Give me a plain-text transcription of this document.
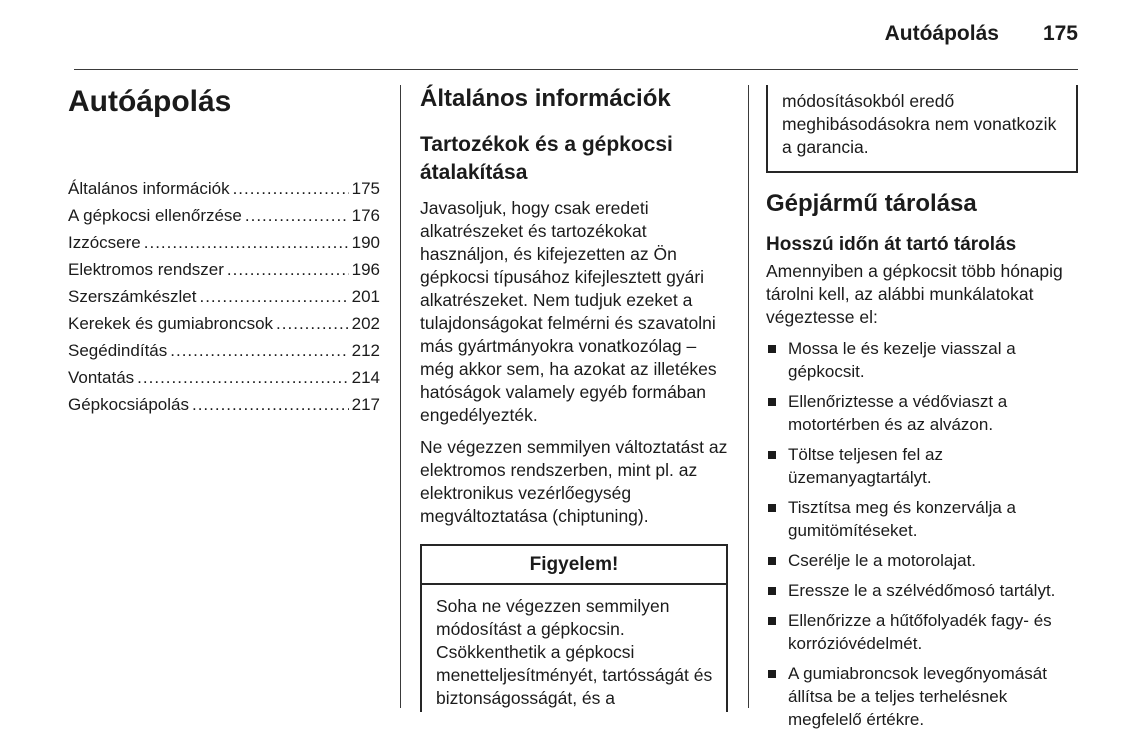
Autóápolás 175
Autóápolás
Általános információk .....	175
A gépkocsi ellenőrzése .....	176
Izzócsere .....	190
Elektromos rendszer .....	196
Szerszámkészlet .....	201
Kerekek és gumiabroncsok .....	202
Segédindítás .....	212
Vontatás .....	214
Gépkocsiápolás .....	217
Általános információk
Tartozékok és a gépkocsi átalakítása

Javasoljuk, hogy csak eredeti alkatrészeket és tartozékokat használjon, és kifejezetten az Ön gépkocsi típusához kifejlesztett gyári alkatrészeket. Nem tudjuk ezeket a tulajdonságokat felmérni és szavatolni más gyártmányokra vonatkozólag – még akkor sem, ha azokat az illetékes hatóságok valamely egyéb formában engedélyezték.

Ne végezzen semmilyen változtatást az elektromos rendszerben, mint pl. az elektronikus vezérlőegység megváltoztatása (chiptuning).

Figyelem!
Soha ne végezzen semmilyen módosítást a gépkocsin. Csökkenthetik a gépkocsi menetteljesítményét, tartósságát és biztonságosságát, és a
módosításokból eredő meghibásodásokra nem vonatkozik a garancia.
Gépjármű tárolása
Hosszú időn át tartó tárolás

Amennyiben a gépkocsit több hónapig tárolni kell, az alábbi munkálatokat végeztesse el:

Mossa le és kezelje viasszal a gépkocsit.
Ellenőriztesse a védőviaszt a motortérben és az alvázon.
Töltse teljesen fel az üzemanyagtartályt.
Tisztítsa meg és konzerválja a gumitömítéseket.
Cserélje le a motorolajat.
Eressze le a szélvédőmosó tartályt.
Ellenőrizze a hűtőfolyadék fagy- és korrózióvédelmét.
A gumiabroncsok levegőnyomását állítsa be a teljes terhelésnek megfelelő értékre.
